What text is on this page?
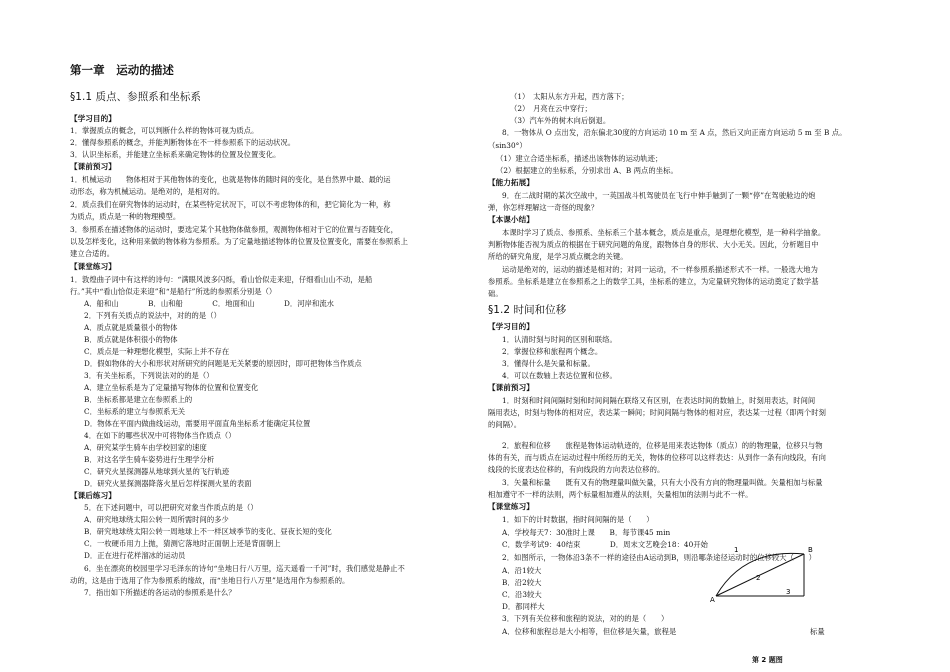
第一章　运动的描述
§1.1 质点、参照系和坐标系
【学习目的】
1．掌握质点的概念，可以判断什么样的物体可视为质点。
2．懂得参照系的概念，并能判断物体在不一样参照系下的运动状况。
3．认识坐标系，并能建立坐标系来确定物体的位置及位置变化。
【课前预习】
1．机械运动　　物体相对于其他物体的变化，也就是物体的随时间的变化，是自然界中最、最的运
动形态，称为机械运动。是绝对的，是相对的。
2．质点我们在研究物体的运动时，在某些特定状况下，可以不考虑物体的和，把它简化为一种，称
为质点，质点是一种的物理模型。
3．参照系在描述物体的运动时，要选定某个其他物体做参照，观测物体相对于它的位置与否随变化，
以及怎样变化，这种用来做的物体称为参照系。为了定量地描述物体的位置及位置变化，需要在参照系上
建立合适的。
【课堂练习】
1．敦煌曲子词中有这样的诗句：“满眼风波多闪烁，看山恰似走来迎，仔细看山山不动，是船
行。”其中“看山恰似走来迎”和“是船行”所选的参照系分别是（）
A．船和山　　　　B．山和船　　　　C．地面和山　　　　D．河岸和流水
2．下列有关质点的说法中，对的的是（）
A．质点就是质量很小的物体
B．质点就是体积很小的物体
C．质点是一种理想化模型，实际上并不存在
D．假如物体的大小和形状对所研究的问题是无关紧要的原因时，即可把物体当作质点
3．有关坐标系，下列说法对的的是（）
A．建立坐标系是为了定量描写物体的位置和位置变化
B．坐标系都是建立在参照系上的
C．坐标系的建立与参照系无关
D．物体在平面内做曲线运动，需要用平面直角坐标系才能确定其位置
4．在如下的哪些状况中可将物体当作质点（）
A．研究某学生骑车由学校回家的速度
B．对这名学生骑车姿势进行生理学分析
C．研究火星探测器从地球到火星的飞行轨迹
D．研究火星探测器降落火星后怎样探测火星的表面
【课后练习】
5．在下述问题中，可以把研究对象当作质点的是（）
A．研究地球绕太阳公转一周所需时间的多少
B．研究地球绕太阳公转一周地球上不一样区域季节的变化、昼夜长短的变化
C．一枚硬币用力上抛，猜测它落地时正面朝上还是背面朝上
D．正在进行花样溜冰的运动员
6．坐在漂亮的校园里学习毛泽东的诗句“坐地日行八万里，巡天遥看一千河”时，我们感觉是静止不
动的，这是由于选用了作为参照系的缘故，而“坐地日行八万里”是选用作为参照系的。
7．指出如下所描述的各运动的参照系是什么？
§1.2 时间和位移
（1）　太阳从东方升起，西方落下；
（2）　月亮在云中穿行；
（3）汽车外的树木向后倒退。
8．一物体从 O 点出发，沿东偏北30度的方向运动 10 m 至 A 点，然后又向正南方向运动 5 m 至 B 点。
（sin30°）
（1）建立合适坐标系，描述出该物体的运动轨迹；
（2）根据建立的坐标系，分别求出 A、B 两点的坐标。
【能力拓展】
9．在二战时期的某次空战中，一英国战斗机驾驶员在飞行中伸手触到了一颗“停”在驾驶舱边的炮
弹，你怎样理解这一奇怪的现象？
【本课小结】
本课时学习了质点、参照系、坐标系三个基本概念，质点是重点，是理想化模型，是一种科学抽象。
判断物体能否视为质点的根据在于研究问题的角度，跟物体自身的形状、大小无关。因此，分析题目中
所给的研究角度，是学习质点概念的关键。
运动是绝对的，运动的描述是相对的；对同一运动，不一样参照系描述形式不一样。一般选大地为
参照系。坐标系是建立在参照系之上的数学工具，坐标系的建立，为定量研究物体的运动奠定了数学基
础。
【学习目的】
1．认清时刻与时间的区别和联络。
2．掌握位移和旅程两个概念。
3．懂得什么是矢量和标量。
4．可以在数轴上表达位置和位移。
【课前预习】
1．时刻和时间间隔时刻和时间间隔在联络又有区别，在表达时间的数轴上，时刻用表达，时间间
隔用表达，时刻与物体的相对应，表达某一瞬间；时间间隔与物体的相对应，表达某一过程（即两个时刻
的间隔）。
2．旅程和位移　　旅程是物体运动轨迹的，位移是用来表达物体（质点）的的物理量，位移只与物
体的有关，而与质点在运动过程中所经历的无关，物体的位移可以这样表达：从到作一条有向线段，有向
线段的长度表达位移的，有向线段的方向表达位移的。
3．矢量和标量　　既有又有的物理量叫做矢量，只有大小没有方向的物理量叫做。矢量相加与标量
相加遵守不一样的法则，两个标量相加遵从的法则，矢量相加的法则与此不一样。
【课堂练习】
1．如下的计时数据，指时间间隔的是（　　）
A．学校每天7：30准时上课　　B．每节课45 min
C．数学考试9：40结束　　　　D．周末文艺晚会18：40开始
2．如图所示，一物体沿3条不一样的途径由A运动到B，则沿哪条途径运动时的位移较大（　　）
A．沿1较大
B．沿2较大
C．沿3较大
D．都同样大
3．下列有关位移和旅程的说法，对的的是（　　）
A．位移和旅程总是大小相等，但位移是矢量，旅程是	标量
A
B
1
2
3
第 2 题图
